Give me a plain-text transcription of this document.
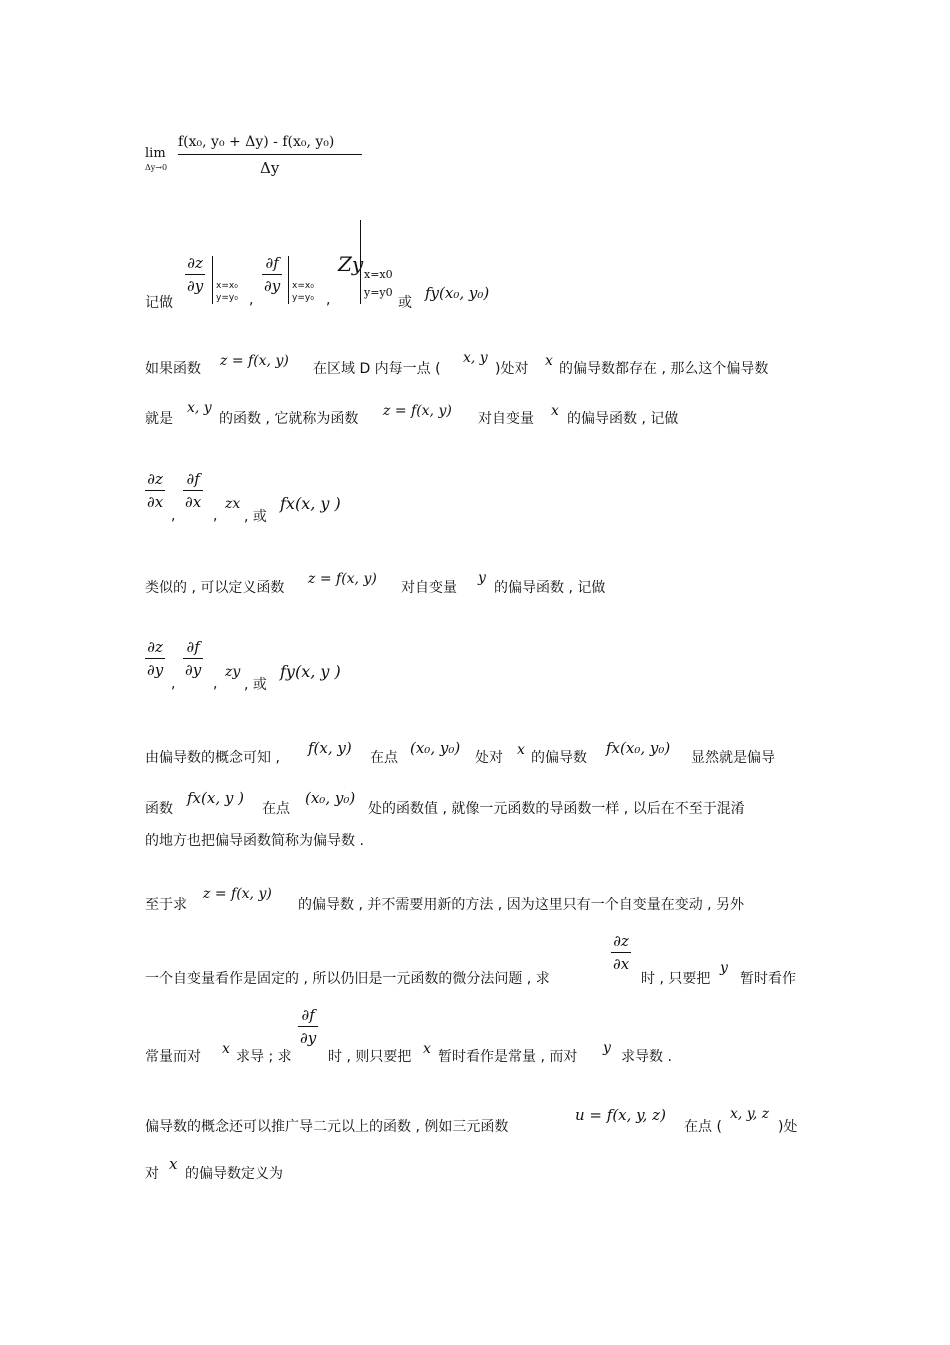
lim
Δy→0
f(x₀, y₀ + Δy) - f(x₀, y₀)
Δy
记做
∂z
∂y x=x₀
y=y₀ ,
∂f
∂y x=x₀
y=y₀ ,
Zy x=x0
y=y0
或
fy(x₀, y₀)
如果函数 z = f(x, y) 在区域 D 内每一点 (
x, y
)处对 x 的偏导数都存在 , 那么这个偏导数
就是
x, y
的函数 , 它就称为函数 z = f(x, y) 对自变量 x 的偏导函数 , 记做
∂z
∂x
,
∂f
∂x
,
zx
, 或
fx(x, y )
类似的 , 可以定义函数
z = f(x, y)
对自变量
y
的偏导函数 , 记做
∂z
∂y
,
∂f
∂y
,
zy
, 或
fy(x, y )
由偏导数的概念可知 ,
f(x, y)
在点
(x₀, y₀)
处对 x 的偏导数
fx(x₀, y₀)
显然就是偏导
函数
fx(x, y )
在点
(x₀, y₀)
处的函数值 , 就像一元函数的导函数一样 , 以后在不至于混淆
的地方也把偏导函数简称为偏导数 .
至于求
z = f(x, y)
的偏导数 , 并不需要用新的方法 , 因为这里只有一个自变量在变动 , 另外
一个自变量看作是固定的 , 所以仍旧是一元函数的微分法问题 , 求
∂z
∂x
时 , 只要把
y
暂时看作
常量而对 x 求导 ; 求
∂f
∂y
时 , 则只要把 x 暂时看作是常量 , 而对
y
求导数 .
偏导数的概念还可以推广导二元以上的函数 , 例如三元函数
u = f(x, y, z)
在点 (
x, y, z
)处
对
x
的偏导数定义为
